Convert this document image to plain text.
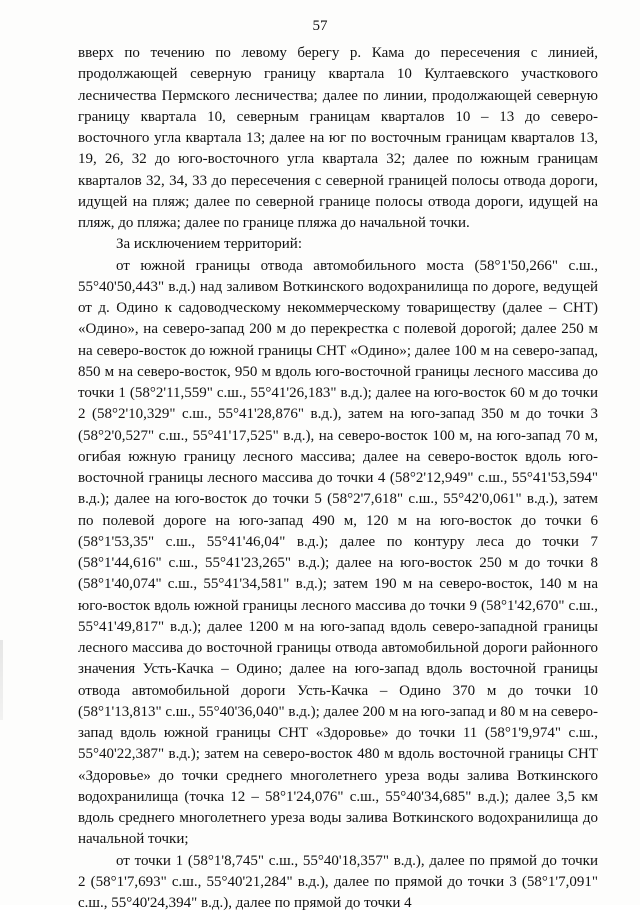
57

вверх по течению по левому берегу р. Кама до пересечения с линией, продолжающей северную границу квартала 10 Култаевского участкового лесничества Пермского лесничества; далее по линии, продолжающей северную границу квартала 10, северным границам кварталов 10 – 13 до северо-восточного угла квартала 13; далее на юг по восточным границам кварталов 13, 19, 26, 32 до юго-восточного угла квартала 32; далее по южным границам кварталов 32, 34, 33 до пересечения с северной границей полосы отвода дороги, идущей на пляж; далее по северной границе полосы отвода дороги, идущей на пляж, до пляжа; далее по границе пляжа до начальной точки.

За исключением территорий:

от южной границы отвода автомобильного моста (58°1'50,266" с.ш., 55°40'50,443" в.д.) над заливом Воткинского водохранилища по дороге, ведущей от д. Одино к садоводческому некоммерческому товариществу (далее – СНТ) «Одино», на северо-запад 200 м до перекрестка с полевой дорогой; далее 250 м на северо-восток до южной границы СНТ «Одино»; далее 100 м на северо-запад, 850 м на северо-восток, 950 м вдоль юго-восточной границы лесного массива до точки 1 (58°2'11,559" с.ш., 55°41'26,183" в.д.); далее на юго-восток 60 м до точки 2 (58°2'10,329" с.ш., 55°41'28,876" в.д.), затем на юго-запад 350 м до точки 3 (58°2'0,527" с.ш., 55°41'17,525" в.д.), на северо-восток 100 м, на юго-запад 70 м, огибая южную границу лесного массива; далее на северо-восток вдоль юго-восточной границы лесного массива до точки 4 (58°2'12,949" с.ш., 55°41'53,594" в.д.); далее на юго-восток до точки 5 (58°2'7,618" с.ш., 55°42'0,061" в.д.), затем по полевой дороге на юго-запад 490 м, 120 м на юго-восток до точки 6 (58°1'53,35" с.ш., 55°41'46,04" в.д.); далее по контуру леса до точки 7 (58°1'44,616" с.ш., 55°41'23,265" в.д.); далее на юго-восток 250 м до точки 8 (58°1'40,074" с.ш., 55°41'34,581" в.д.); затем 190 м на северо-восток, 140 м на юго-восток вдоль южной границы лесного массива до точки 9 (58°1'42,670" с.ш., 55°41'49,817" в.д.); далее 1200 м на юго-запад вдоль северо-западной границы лесного массива до восточной границы отвода автомобильной дороги районного значения Усть-Качка – Одино; далее на юго-запад вдоль восточной границы отвода автомобильной дороги Усть-Качка – Одино 370 м до точки 10 (58°1'13,813" с.ш., 55°40'36,040" в.д.); далее 200 м на юго-запад и 80 м на северо-запад вдоль южной границы СНТ «Здоровье» до точки 11 (58°1'9,974" с.ш., 55°40'22,387" в.д.); затем на северо-восток 480 м вдоль восточной границы СНТ «Здоровье» до точки среднего многолетнего уреза воды залива Воткинского водохранилища (точка 12 – 58°1'24,076" с.ш., 55°40'34,685" в.д.); далее 3,5 км вдоль среднего многолетнего уреза воды залива Воткинского водохранилища до начальной точки;

от точки 1 (58°1'8,745" с.ш., 55°40'18,357" в.д.), далее по прямой до точки 2 (58°1'7,693" с.ш., 55°40'21,284" в.д.), далее по прямой до точки 3 (58°1'7,091" с.ш., 55°40'24,394" в.д.), далее по прямой до точки 4
